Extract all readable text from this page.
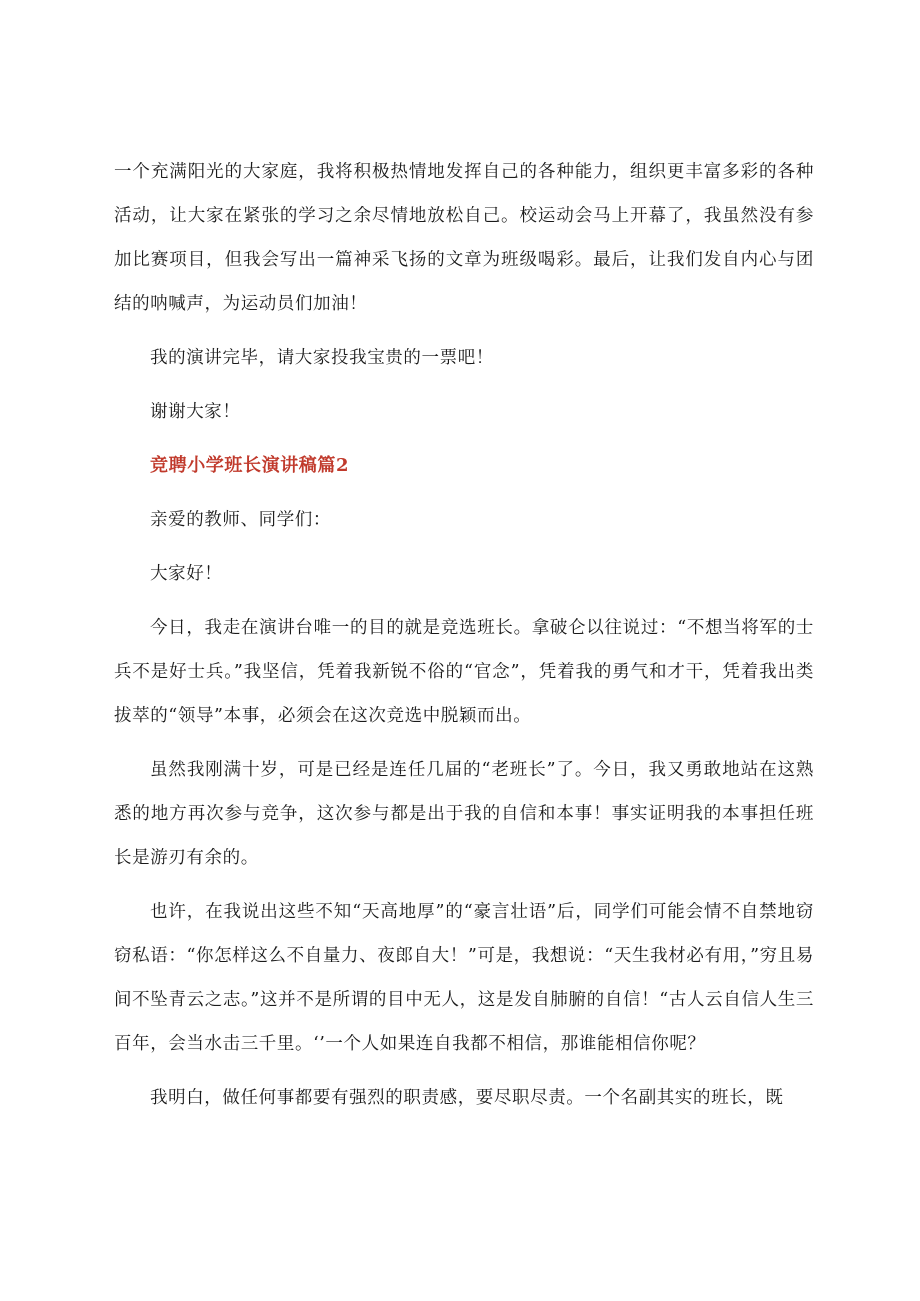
一个充满阳光的大家庭，我将积极热情地发挥自己的各种能力，组织更丰富多彩的各种活动，让大家在紧张的学习之余尽情地放松自己。校运动会马上开幕了，我虽然没有参加比赛项目，但我会写出一篇神采飞扬的文章为班级喝彩。最后，让我们发自内心与团结的呐喊声，为运动员们加油！

我的演讲完毕，请大家投我宝贵的一票吧！

谢谢大家！

竞聘小学班长演讲稿篇2

亲爱的教师、同学们：

大家好！

今日，我走在演讲台唯一的目的就是竞选班长。拿破仑以往说过：“不想当将军的士兵不是好士兵。”我坚信，凭着我新锐不俗的“官念”，凭着我的勇气和才干，凭着我出类拔萃的“领导”本事，必须会在这次竞选中脱颖而出。

虽然我刚满十岁，可是已经是连任几届的“老班长”了。今日，我又勇敢地站在这熟悉的地方再次参与竞争，这次参与都是出于我的自信和本事！事实证明我的本事担任班长是游刃有余的。

也许，在我说出这些不知“天高地厚”的“豪言壮语”后，同学们可能会情不自禁地窃窃私语：“你怎样这么不自量力、夜郎自大！”可是，我想说：“天生我材必有用，”穷且易间不坠青云之志。”这并不是所谓的目中无人，这是发自肺腑的自信！“古人云自信人生三百年，会当水击三千里。‘’一个人如果连自我都不相信，那谁能相信你呢？

我明白，做任何事都要有强烈的职责感，要尽职尽责。一个名副其实的班长，既
